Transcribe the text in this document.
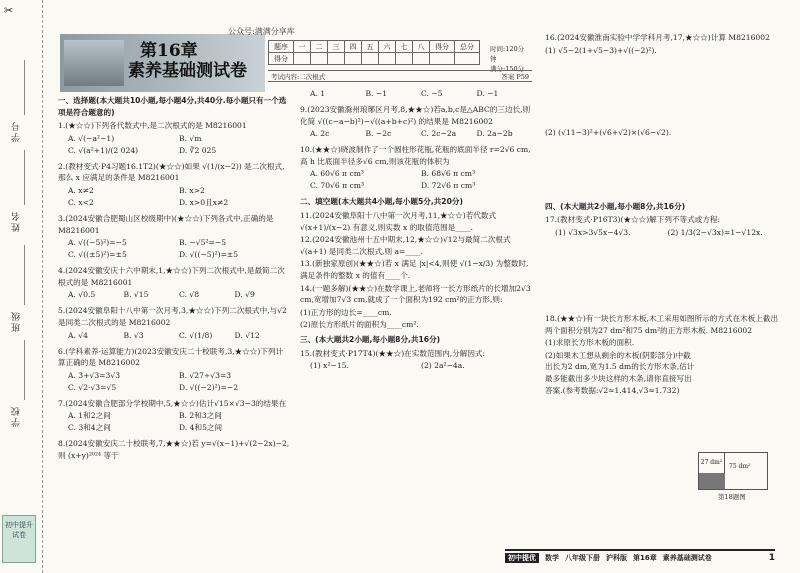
✂
学号
姓名
班级
学校
初中提升试卷
第16章
素养基础测试卷
公众号:满满分享库
题序	一	二	三	四	五	六	七	八	得分	总分
得分										
时间:120分钟
满分:150分
考试内容:二次根式	答案 P59
一、选择题(本大题共10小题,每小题4分,共40分.每小题只有一个选项是符合题意的)
1.(★☆☆)下列各代数式中,是二次根式的是 M8216001
A. √(−a²−1)	B. √m
C. √(a²+1)/(2 024)	D. ∛2 025
2.(教材变式·P4习题16.1T2)(★☆☆)如果 √(1/(x−2)) 是二次根式,那么 x 应满足的条件是 M8216001
A. x≠2	B. x>2
C. x<2	D. x>0且x≠2
3.(2024安徽合肥蜀山区校级期中)(★☆☆)下列各式中,正确的是 M8216001
A. √((−5)²)=−5	B. −√5²=−5
C. √((±5)²)=±5	D. √((−5)²)=±5
4.(2024安徽安庆十六中期末,1,★☆☆)下列二次根式中,是最简二次根式的是 M8216001
A. √0.5	B. √15	C. √8	D. √9
5.(2024安徽阜阳十八中第一次月考,3,★☆☆)下列二次根式中,与√2是同类二次根式的是 M8216002
A. √4	B. √3	C. √(1/8)	D. √12
6.(学科素养·运算能力)(2023安徽安庆二十校联考,3,★☆☆)下列计算正确的是 M8216002
A. 3+√3=3√3	B. √27÷√3=3
C. √2·√3=√5	D. √((−2)²)=−2
7.(2024安徽合肥部分学校期中,5,★☆☆)估计√15×√3−3的结果在
A. 1和2之间	B. 2和3之间
C. 3和4之间	D. 4和5之间
8.(2024安徽安庆二十校联考,7,★★☆)若 y=√(x−1)+√(2−2x)−2,则 (x+y)²⁰²⁴ 等于
A. 1	B. −1	C. −5	D. −1
9.(2023安徽滁州琅琊区月考,8,★★☆)若a,b,c是△ABC的三边长,则化简 √((c−a−b)²)−√((a+b+c)²) 的结果是 M8216002
A. 2c	B. −2c	C. 2c−2a	D. 2a−2b
10.(★★☆)晓波制作了一个圆柱形花瓶,花瓶的底面半径 r=2√6 cm,高 h 比底面半径多√6 cm,则该花瓶的体积为
A. 60√6 π cm³	B. 68√6 π cm³
C. 70√6 π cm³	D. 72√6 π cm³
二、填空题(本大题共4小题,每小题5分,共20分)
11.(2024安徽阜阳十八中第一次月考,11,★☆☆)若代数式 √(x+1)/(x−2) 有意义,则实数 x 的取值范围是____.
12.(2024安徽池州十五中期末,12,★☆☆)√12与最简二次根式 √(a+1) 是同类二次根式,则 a=____.
13.(新独家原创)(★★☆)若 x 满足 |x|<4,则使 √(1−x/3) 为整数时,满足条件的整数 x 的值有____个.
14.(一题多解)(★★☆)在数学课上,老师将一长方形纸片的长增加2√3 cm,宽增加7√3 cm,就成了一个面积为192 cm²的正方形,则:
(1)正方形的边长=____cm.
(2)原长方形纸片的面积为____cm².
三、(本大题共2小题,每小题8分,共16分)
15.(教材变式·P17T4)(★★☆)在实数范围内,分解因式:
(1) x²−15.	(2) 2a²−4a.
16.(2024安徽淮南实验中学学科月考,17,★☆☆)计算 M8216002
(1) √5−2(1+√5−3)+√((−2)²).
(2) (√11−3)²+(√6+√2)×(√6−√2).
四、(本大题共2小题,每小题8分,共16分)
17.(教材变式·P16T3)(★☆☆)解下列不等式或方程:
(1) √3x>3√5x−4√3.	(2) 1/3(2−√3x)=1−√12x.
18.(★★☆)有一块长方形木板,木工采用如图所示的方式在木板上截出两个面积分别为27 dm²和75 dm²的正方形木板. M8216002
(1)求原长方形木板的面积.
(2)如果木工想从剩余的木板(阴影部分)中截出长为2 dm,宽为1.5 dm的长方形木条,估计最多能截出多少块这样的木条,请你直接写出答案.(参考数据:√2≈1.414,√3≈1.732)
27 dm²
75 dm²
第18题图
初中提优	数学 八年级下册 沪科版 第16章 素养基础测试卷	1
